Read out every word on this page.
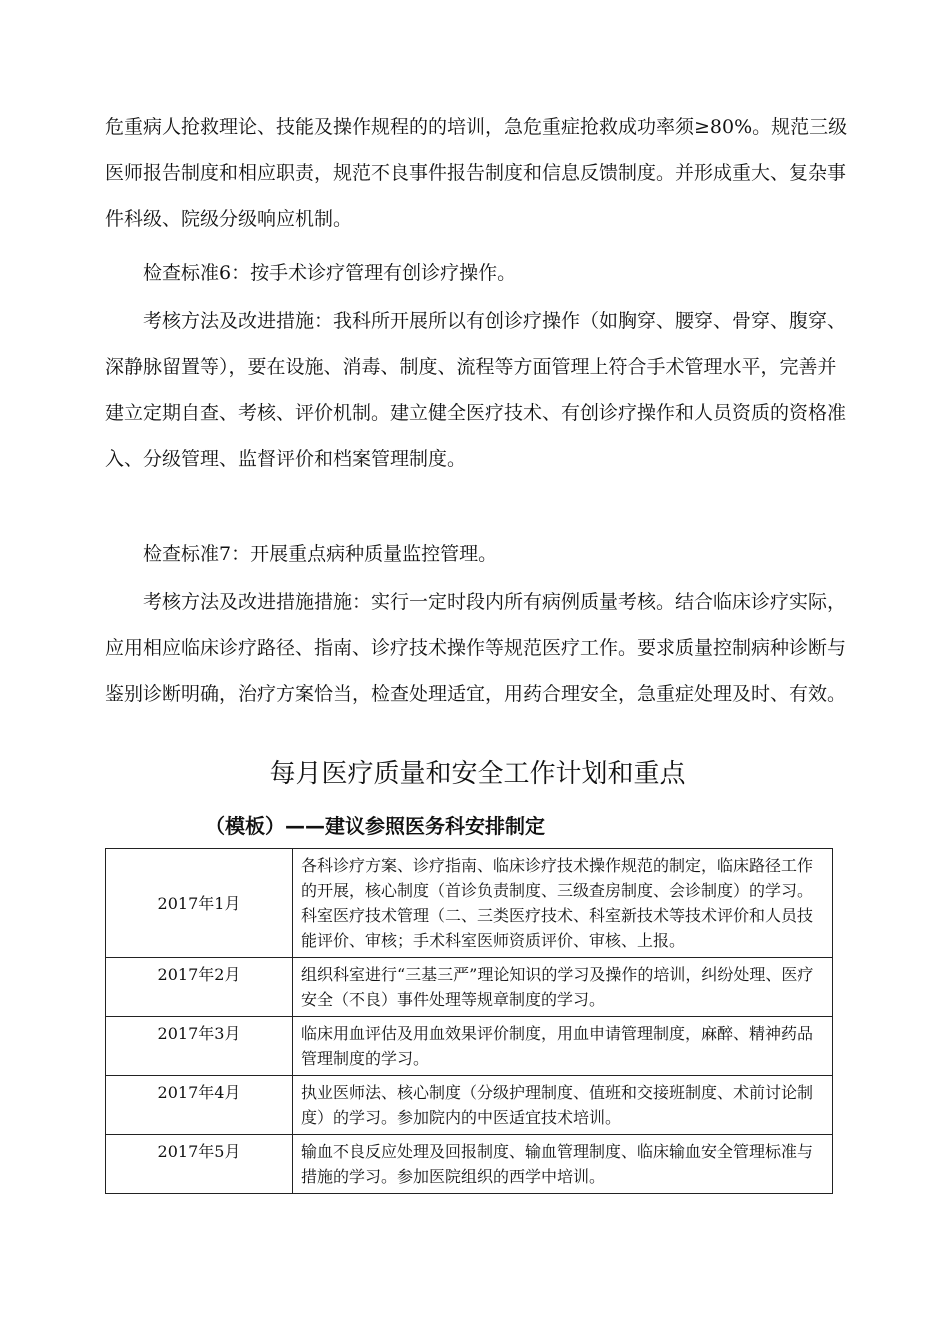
危重病人抢救理论、技能及操作规程的的培训，急危重症抢救成功率须≥80%。规范三级医师报告制度和相应职责，规范不良事件报告制度和信息反馈制度。并形成重大、复杂事件科级、院级分级响应机制。

检查标准6：按手术诊疗管理有创诊疗操作。

考核方法及改进措施：我科所开展所以有创诊疗操作（如胸穿、腰穿、骨穿、腹穿、深静脉留置等），要在设施、消毒、制度、流程等方面管理上符合手术管理水平，完善并建立定期自查、考核、评价机制。建立健全医疗技术、有创诊疗操作和人员资质的资格准入、分级管理、监督评价和档案管理制度。

检查标准7：开展重点病种质量监控管理。

考核方法及改进措施措施：实行一定时段内所有病例质量考核。结合临床诊疗实际，应用相应临床诊疗路径、指南、诊疗技术操作等规范医疗工作。要求质量控制病种诊断与鉴别诊断明确，治疗方案恰当，检查处理适宜，用药合理安全，急重症处理及时、有效。

每月医疗质量和安全工作计划和重点

（模板）——建议参照医务科安排制定

2017年1月	各科诊疗方案、诊疗指南、临床诊疗技术操作规范的制定，临床路径工作的开展，核心制度（首诊负责制度、三级查房制度、会诊制度）的学习。科室医疗技术管理（二、三类医疗技术、科室新技术等技术评价和人员技能评价、审核；手术科室医师资质评价、审核、上报。
2017年2月	组织科室进行“三基三严”理论知识的学习及操作的培训，纠纷处理、医疗安全（不良）事件处理等规章制度的学习。
2017年3月	临床用血评估及用血效果评价制度，用血申请管理制度，麻醉、精神药品管理制度的学习。
2017年4月	执业医师法、核心制度（分级护理制度、值班和交接班制度、术前讨论制度）的学习。参加院内的中医适宜技术培训。
2017年5月	输血不良反应处理及回报制度、输血管理制度、临床输血安全管理标准与措施的学习。参加医院组织的西学中培训。
